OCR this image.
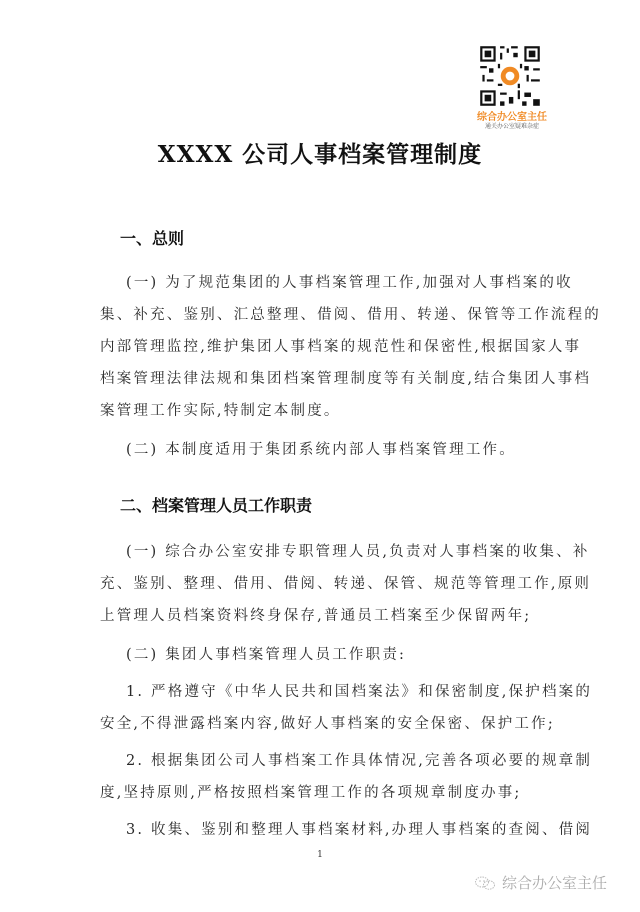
综合办公室主任
通关办公室疑难杂症
XXXX 公司人事档案管理制度
一、总则
(一) 为了规范集团的人事档案管理工作,加强对人事档案的收
集、补充、鉴别、汇总整理、借阅、借用、转递、保管等工作流程的
内部管理监控,维护集团人事档案的规范性和保密性,根据国家人事
档案管理法律法规和集团档案管理制度等有关制度,结合集团人事档
案管理工作实际,特制定本制度。
(二) 本制度适用于集团系统内部人事档案管理工作。
二、档案管理人员工作职责
(一) 综合办公室安排专职管理人员,负责对人事档案的收集、补
充、鉴别、整理、借用、借阅、转递、保管、规范等管理工作,原则
上管理人员档案资料终身保存,普通员工档案至少保留两年;
(二) 集团人事档案管理人员工作职责:
1. 严格遵守《中华人民共和国档案法》和保密制度,保护档案的
安全,不得泄露档案内容,做好人事档案的安全保密、保护工作;
2. 根据集团公司人事档案工作具体情况,完善各项必要的规章制
度,坚持原则,严格按照档案管理工作的各项规章制度办事;
3. 收集、鉴别和整理人事档案材料,办理人事档案的查阅、借阅
1
综合办公室主任
